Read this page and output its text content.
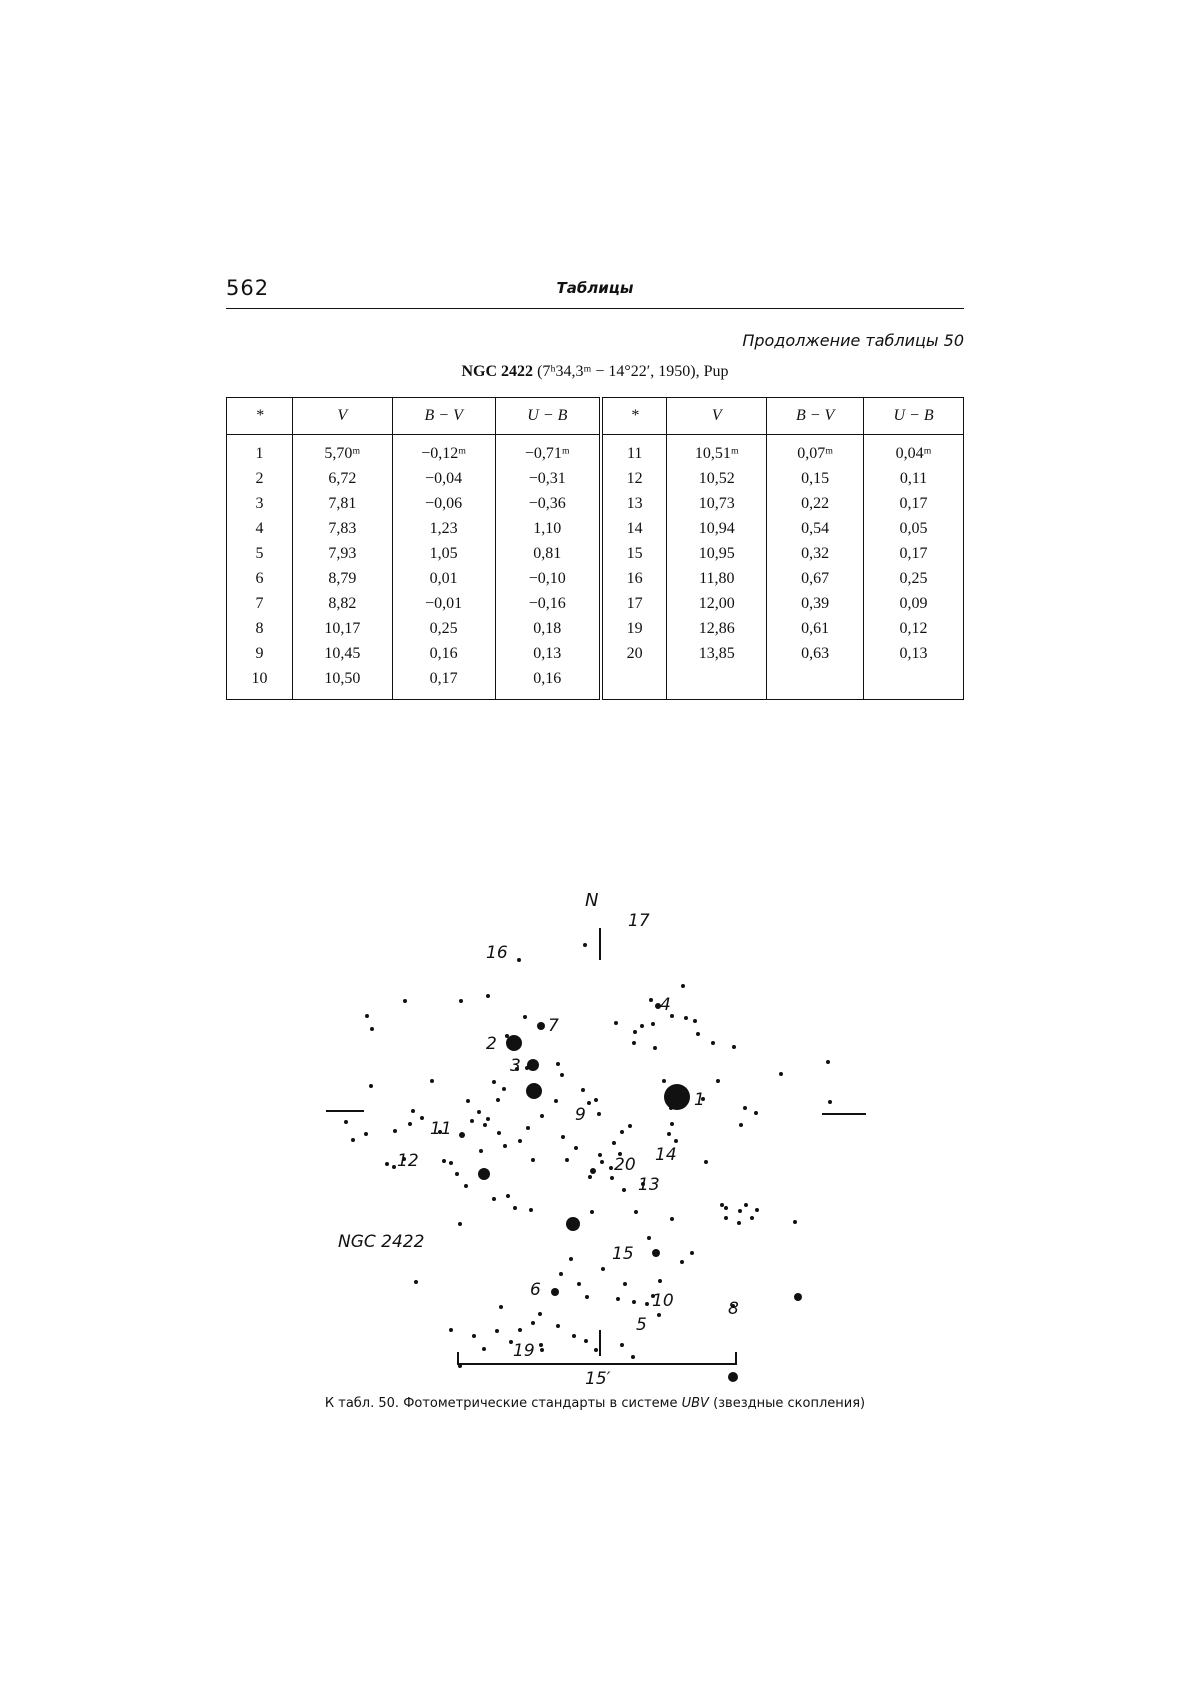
562	Таблицы
Продолжение таблицы 50
NGC 2422 (7ʰ34,3ᵐ − 14°22′, 1950), Pup
*	V	B − V	U − B	*	V	B − V	U − B
1	5,70ᵐ	−0,12ᵐ	−0,71ᵐ	11	10,51ᵐ	0,07ᵐ	0,04ᵐ
2	6,72	−0,04	−0,31	12	10,52	0,15	0,11
3	7,81	−0,06	−0,36	13	10,73	0,22	0,17
4	7,83	1,23	1,10	14	10,94	0,54	0,05
5	7,93	1,05	0,81	15	10,95	0,32	0,17
6	8,79	0,01	−0,10	16	11,80	0,67	0,25
7	8,82	−0,01	−0,16	17	12,00	0,39	0,09
8	10,17	0,25	0,18	19	12,86	0,61	0,12
9	10,45	0,16	0,13	20	13,85	0,63	0,13
10	10,50	0,17	0,16				
1
2
3
4
5
6
7
8
9
10
11
12
13
14
15
16
17
19
20
N
NGC 2422
15′
К табл. 50. Фотометрические стандарты в системе UBV (звездные скопления)
